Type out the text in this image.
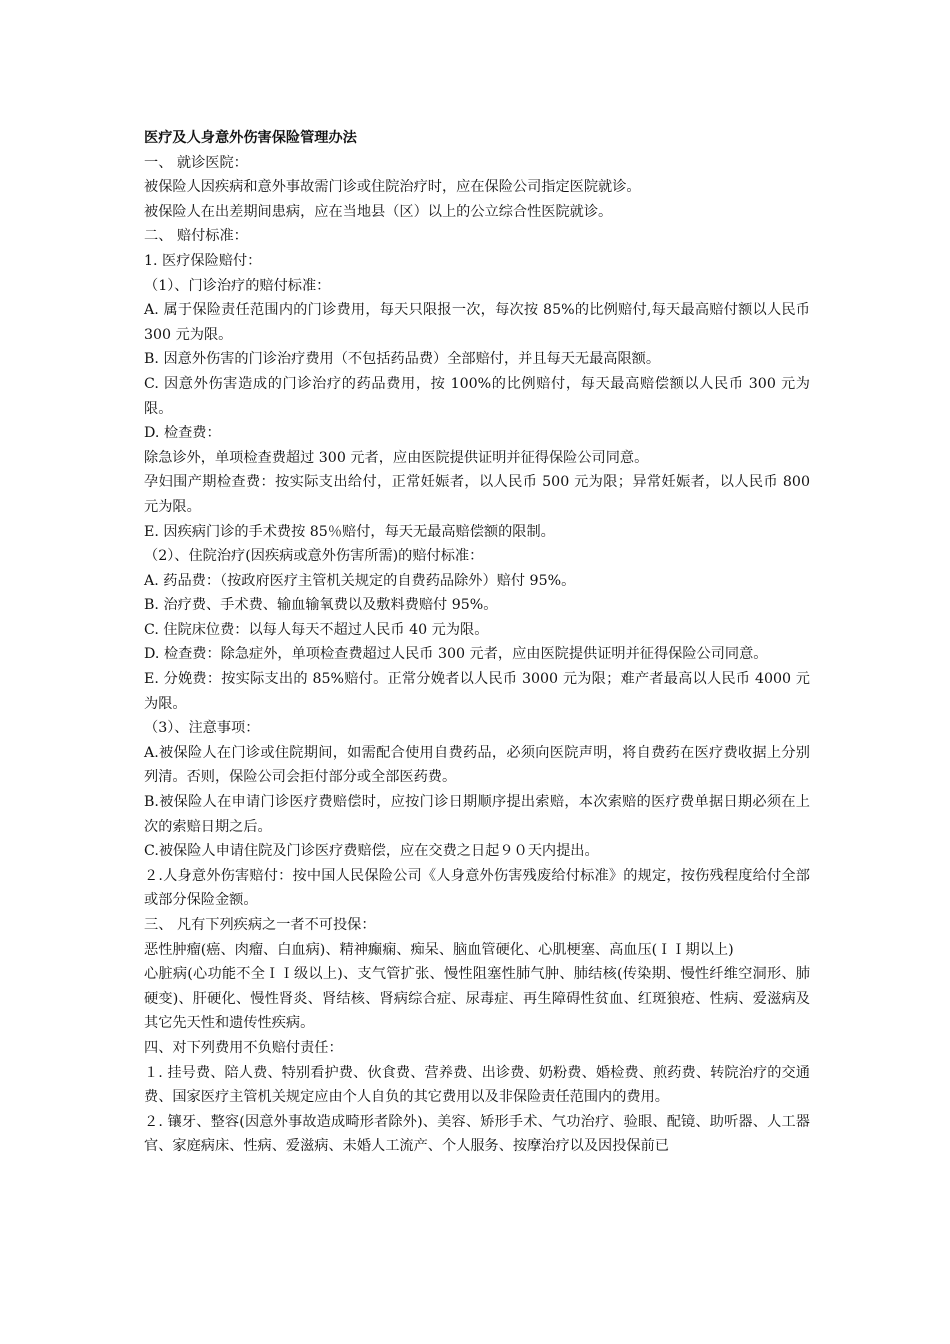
医疗及人身意外伤害保险管理办法

一、 就诊医院：

被保险人因疾病和意外事故需门诊或住院治疗时，应在保险公司指定医院就诊。

被保险人在出差期间患病，应在当地县（区）以上的公立综合性医院就诊。

二、 赔付标准：

1. 医疗保险赔付：

（1）、门诊治疗的赔付标准：

A. 属于保险责任范围内的门诊费用，每天只限报一次，每次按 85%的比例赔付,每天最高赔付额以人民币 300 元为限。

B. 因意外伤害的门诊治疗费用（不包括药品费）全部赔付，并且每天无最高限额。

C. 因意外伤害造成的门诊治疗的药品费用，按 100%的比例赔付，每天最高赔偿额以人民币 300 元为限。

D. 检查费：

除急诊外，单项检查费超过 300 元者，应由医院提供证明并征得保险公司同意。

孕妇围产期检查费：按实际支出给付，正常妊娠者，以人民币 500 元为限；异常妊娠者，以人民币 800 元为限。

E. 因疾病门诊的手术费按 85％赔付，每天无最高赔偿额的限制。

（2）、住院治疗(因疾病或意外伤害所需)的赔付标准：

A. 药品费：（按政府医疗主管机关规定的自费药品除外）赔付 95%。

B. 治疗费、手术费、输血输氧费以及敷料费赔付 95%。

C. 住院床位费：以每人每天不超过人民币 40 元为限。

D. 检查费：除急症外，单项检查费超过人民币 300 元者，应由医院提供证明并征得保险公司同意。

E. 分娩费：按实际支出的 85%赔付。正常分娩者以人民币 3000 元为限；难产者最高以人民币 4000 元为限。

（3）、注意事项：

A.被保险人在门诊或住院期间，如需配合使用自费药品，必须向医院声明，将自费药在医疗费收据上分别列清。否则，保险公司会拒付部分或全部医药费。

B.被保险人在申请门诊医疗费赔偿时，应按门诊日期顺序提出索赔，本次索赔的医疗费单据日期必须在上次的索赔日期之后。

C.被保险人申请住院及门诊医疗费赔偿，应在交费之日起９０天内提出。

２.人身意外伤害赔付：按中国人民保险公司《人身意外伤害残废给付标准》的规定，按伤残程度给付全部或部分保险金额。

三、 凡有下列疾病之一者不可投保：

恶性肿瘤(癌、肉瘤、白血病)、精神癫痫、痴呆、脑血管硬化、心肌梗塞、高血压(ＩＩ期以上)

心脏病(心功能不全ＩＩ级以上)、支气管扩张、慢性阻塞性肺气肿、肺结核(传染期、慢性纤维空洞形、肺硬变)、肝硬化、慢性肾炎、肾结核、肾病综合症、尿毒症、再生障碍性贫血、红斑狼疮、性病、爱滋病及其它先天性和遗传性疾病。

四、对下列费用不负赔付责任：

１. 挂号费、陪人费、特别看护费、伙食费、营养费、出诊费、奶粉费、婚检费、煎药费、转院治疗的交通费、国家医疗主管机关规定应由个人自负的其它费用以及非保险责任范围内的费用。

２. 镶牙、整容(因意外事故造成畸形者除外)、美容、矫形手术、气功治疗、验眼、配镜、助听器、人工器官、家庭病床、性病、爱滋病、未婚人工流产、个人服务、按摩治疗以及因投保前已
